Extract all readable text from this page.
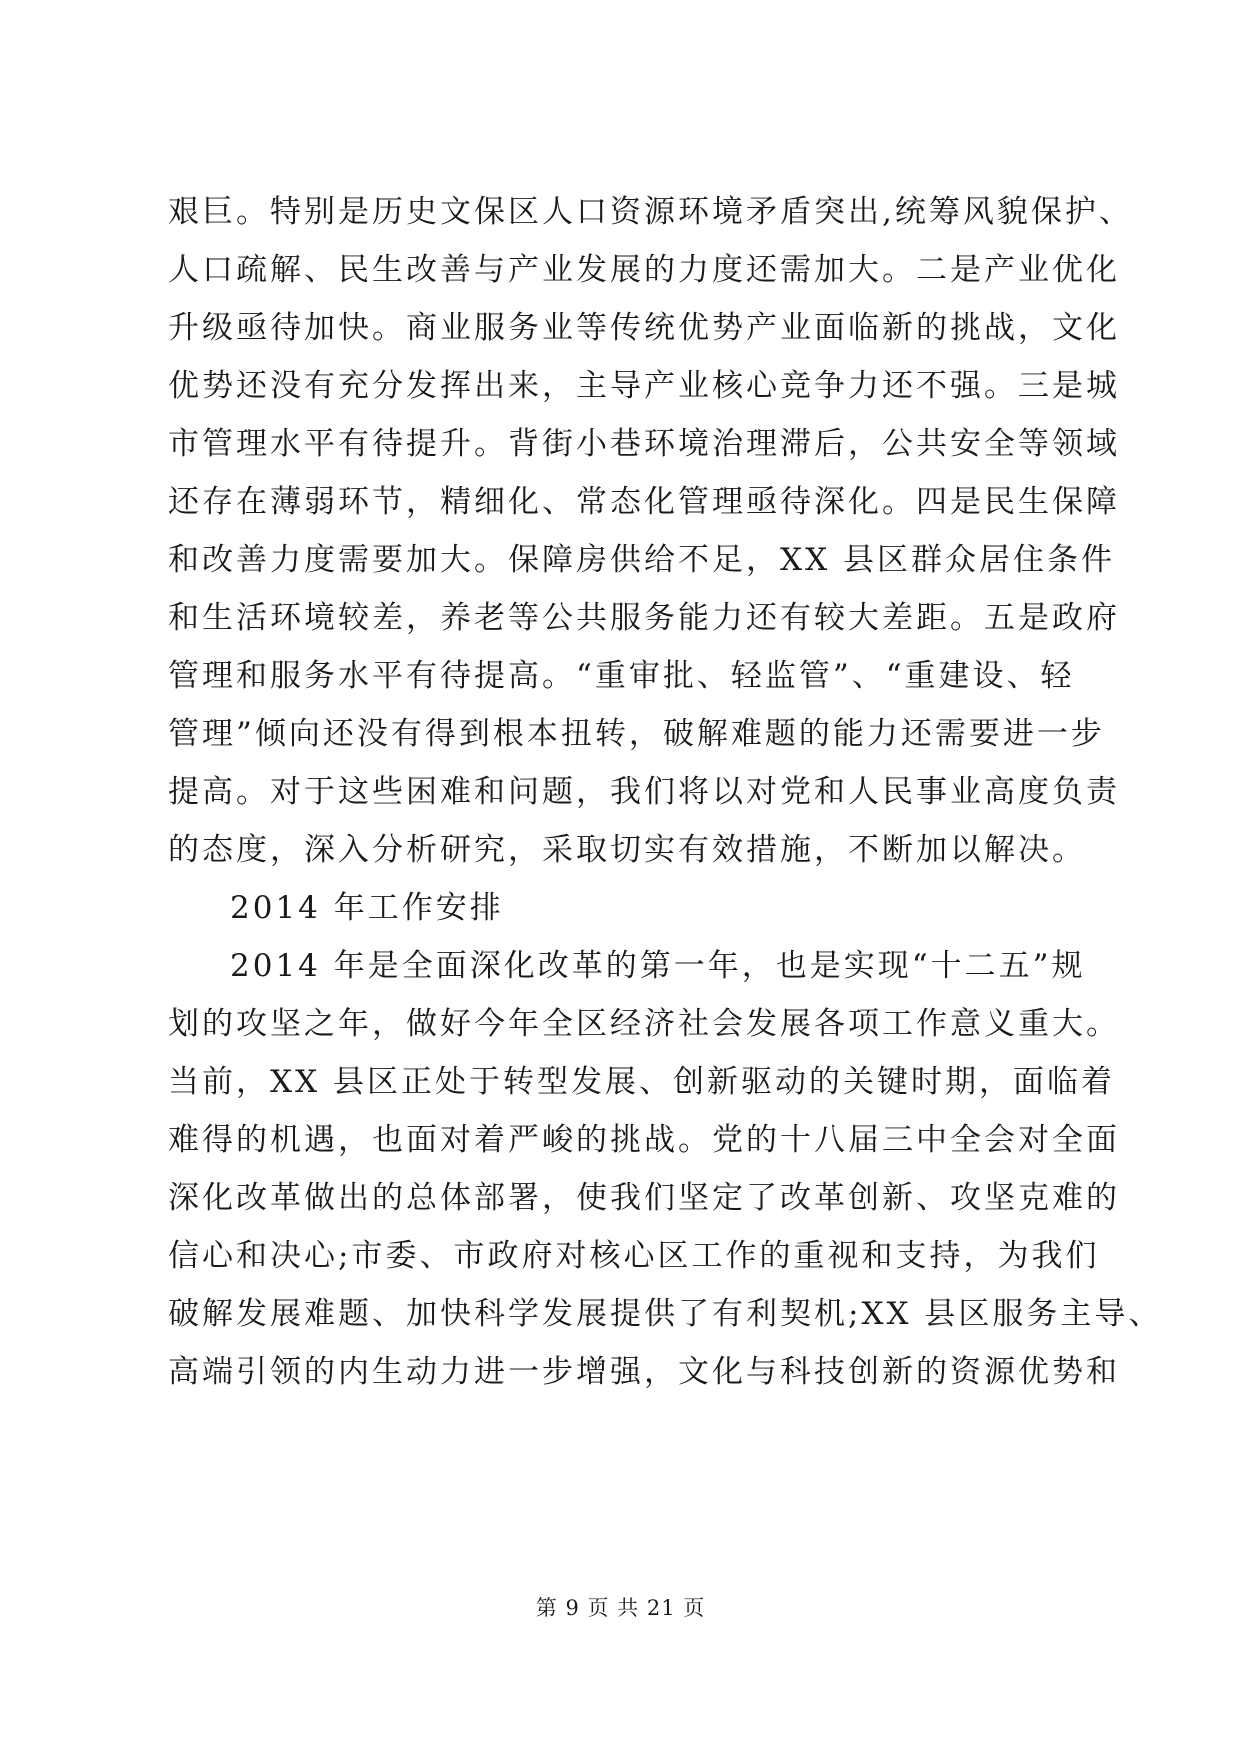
艰巨。特别是历史文保区人口资源环境矛盾突出,统筹风貌保护、
人口疏解、民生改善与产业发展的力度还需加大。二是产业优化
升级亟待加快。商业服务业等传统优势产业面临新的挑战，文化
优势还没有充分发挥出来，主导产业核心竞争力还不强。三是城
市管理水平有待提升。背街小巷环境治理滞后，公共安全等领域
还存在薄弱环节，精细化、常态化管理亟待深化。四是民生保障
和改善力度需要加大。保障房供给不足，XX 县区群众居住条件
和生活环境较差，养老等公共服务能力还有较大差距。五是政府
管理和服务水平有待提高。“重审批、轻监管”、“重建设、轻
管理”倾向还没有得到根本扭转，破解难题的能力还需要进一步
提高。对于这些困难和问题，我们将以对党和人民事业高度负责
的态度，深入分析研究，采取切实有效措施，不断加以解决。
2014 年工作安排
2014 年是全面深化改革的第一年，也是实现“十二五”规
划的攻坚之年，做好今年全区经济社会发展各项工作意义重大。
当前，XX 县区正处于转型发展、创新驱动的关键时期，面临着
难得的机遇，也面对着严峻的挑战。党的十八届三中全会对全面
深化改革做出的总体部署，使我们坚定了改革创新、攻坚克难的
信心和决心;市委、市政府对核心区工作的重视和支持，为我们
破解发展难题、加快科学发展提供了有利契机;XX 县区服务主导、
高端引领的内生动力进一步增强，文化与科技创新的资源优势和
第 9 页 共 21 页
